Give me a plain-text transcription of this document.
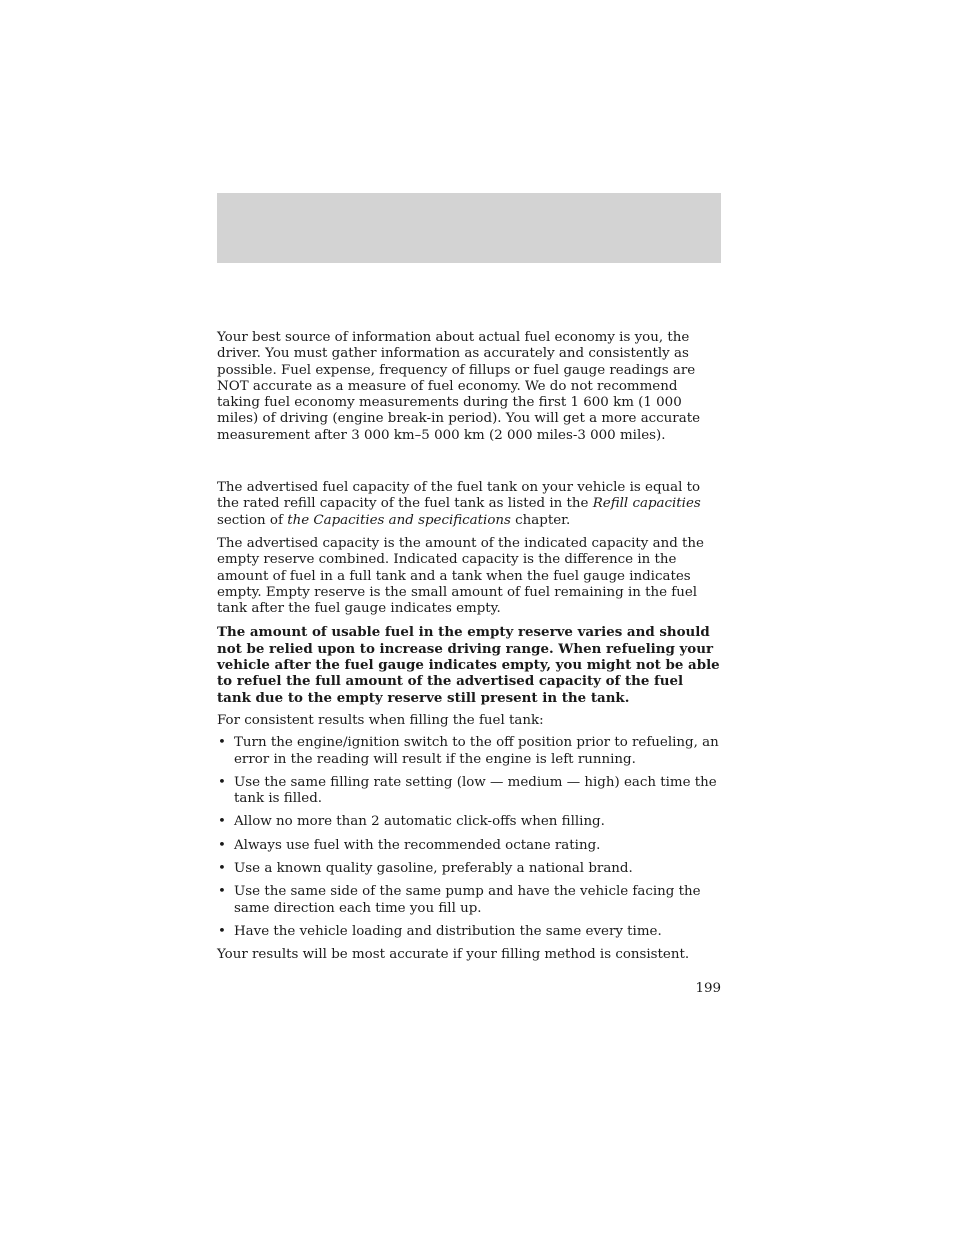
Your best source of information about actual fuel economy is you, the driver. You must gather information as accurately and consistently as possible. Fuel expense, frequency of fillups or fuel gauge readings are NOT accurate as a measure of fuel economy. We do not recommend taking fuel economy measurements during the first 1 600 km (1 000 miles) of driving (engine break-in period). You will get a more accurate measurement after 3 000 km–5 000 km (2 000 miles-3 000 miles).

The advertised fuel capacity of the fuel tank on your vehicle is equal to the rated refill capacity of the fuel tank as listed in the Refill capacities section of the Capacities and specifications chapter.

The advertised capacity is the amount of the indicated capacity and the empty reserve combined. Indicated capacity is the difference in the amount of fuel in a full tank and a tank when the fuel gauge indicates empty. Empty reserve is the small amount of fuel remaining in the fuel tank after the fuel gauge indicates empty.

The amount of usable fuel in the empty reserve varies and should not be relied upon to increase driving range. When refueling your vehicle after the fuel gauge indicates empty, you might not be able to refuel the full amount of the advertised capacity of the fuel tank due to the empty reserve still present in the tank.

For consistent results when filling the fuel tank:

• Turn the engine/ignition switch to the off position prior to refueling, an error in the reading will result if the engine is left running.
• Use the same filling rate setting (low — medium — high) each time the tank is filled.
• Allow no more than 2 automatic click-offs when filling.
• Always use fuel with the recommended octane rating.
• Use a known quality gasoline, preferably a national brand.
• Use the same side of the same pump and have the vehicle facing the same direction each time you fill up.
• Have the vehicle loading and distribution the same every time.

Your results will be most accurate if your filling method is consistent.

199
